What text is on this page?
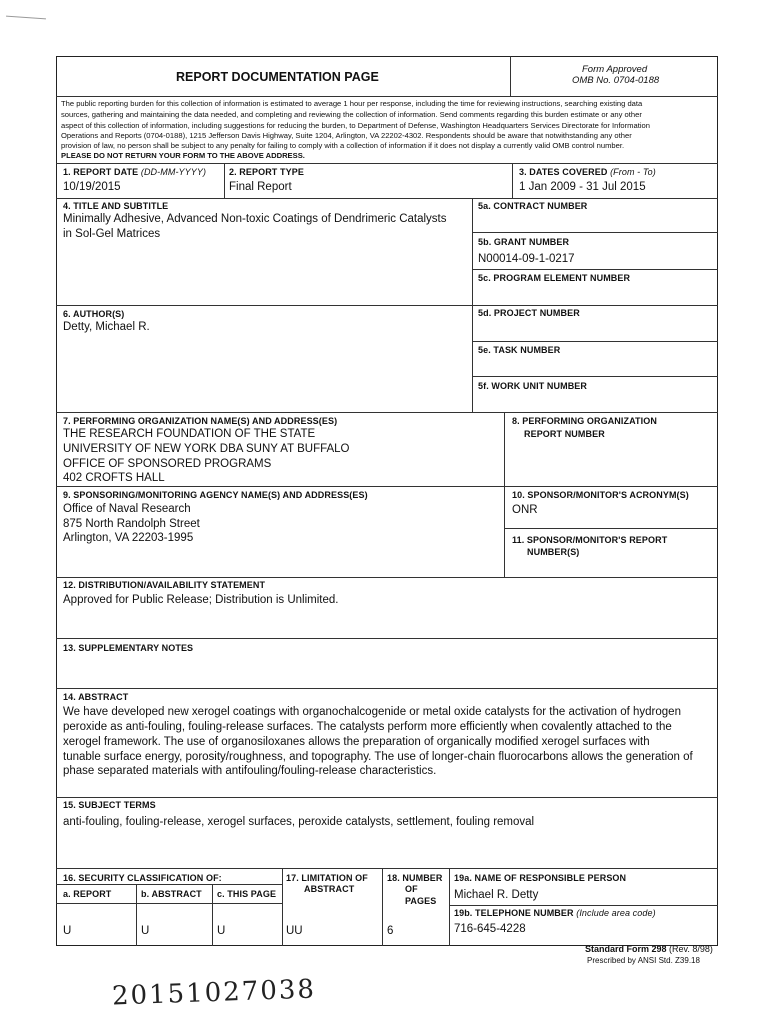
REPORT DOCUMENTATION PAGE
Form Approved
OMB No. 0704-0188
The public reporting burden for this collection of information is estimated to average 1 hour per response, including the time for reviewing instructions, searching existing data
sources, gathering and maintaining the data needed, and completing and reviewing the collection of information. Send comments regarding this burden estimate or any other
aspect of this collection of information, including suggestions for reducing the burden, to Department of Defense, Washington Headquarters Services Directorate for Information
Operations and Reports (0704-0188), 1215 Jefferson Davis Highway, Suite 1204, Arlington, VA 22202-4302. Respondents should be aware that notwithstanding any other
provision of law, no person shall be subject to any penalty for failing to comply with a collection of information if it does not display a currently valid OMB control number.
PLEASE DO NOT RETURN YOUR FORM TO THE ABOVE ADDRESS.
1. REPORT DATE (DD-MM-YYYY)
10/19/2015
2. REPORT TYPE
Final Report
3. DATES COVERED (From - To)
1 Jan 2009 - 31 Jul 2015
4. TITLE AND SUBTITLE
Minimally Adhesive, Advanced Non-toxic Coatings of Dendrimeric Catalysts
in Sol-Gel Matrices
5a. CONTRACT NUMBER
5b. GRANT NUMBER
N00014-09-1-0217
5c. PROGRAM ELEMENT NUMBER
6. AUTHOR(S)
Detty, Michael R.
5d. PROJECT NUMBER
5e. TASK NUMBER
5f. WORK UNIT NUMBER
7. PERFORMING ORGANIZATION NAME(S) AND ADDRESS(ES)
THE RESEARCH FOUNDATION OF THE STATE
UNIVERSITY OF NEW YORK DBA SUNY AT BUFFALO
OFFICE OF SPONSORED PROGRAMS
402 CROFTS HALL
8. PERFORMING ORGANIZATION
REPORT NUMBER
9. SPONSORING/MONITORING AGENCY NAME(S) AND ADDRESS(ES)
Office of Naval Research
875 North Randolph Street
Arlington, VA 22203-1995
10. SPONSOR/MONITOR'S ACRONYM(S)
ONR
11. SPONSOR/MONITOR'S REPORT
NUMBER(S)
12. DISTRIBUTION/AVAILABILITY STATEMENT
Approved for Public Release; Distribution is Unlimited.
13. SUPPLEMENTARY NOTES
14. ABSTRACT
We have developed new xerogel coatings with organochalcogenide or metal oxide catalysts for the activation of hydrogen
peroxide as anti-fouling, fouling-release surfaces. The catalysts perform more efficiently when covalently attached to the
xerogel framework. The use of organosiloxanes allows the preparation of organically modified xerogel surfaces with
tunable surface energy, porosity/roughness, and topography. The use of longer-chain fluorocarbons allows the generation of
phase separated materials with antifouling/fouling-release characteristics.
15. SUBJECT TERMS
anti-fouling, fouling-release, xerogel surfaces, peroxide catalysts, settlement, fouling removal
16. SECURITY CLASSIFICATION OF:
a. REPORT	b. ABSTRACT c. THIS PAGE
U	U	U
17. LIMITATION OF
ABSTRACT
UU
18. NUMBER
OF
PAGES
6
19a. NAME OF RESPONSIBLE PERSON
Michael R. Detty
19b. TELEPHONE NUMBER (Include area code)
716-645-4228
Standard Form 298 (Rev. 8/98)
Prescribed by ANSI Std. Z39.18
20151027038
